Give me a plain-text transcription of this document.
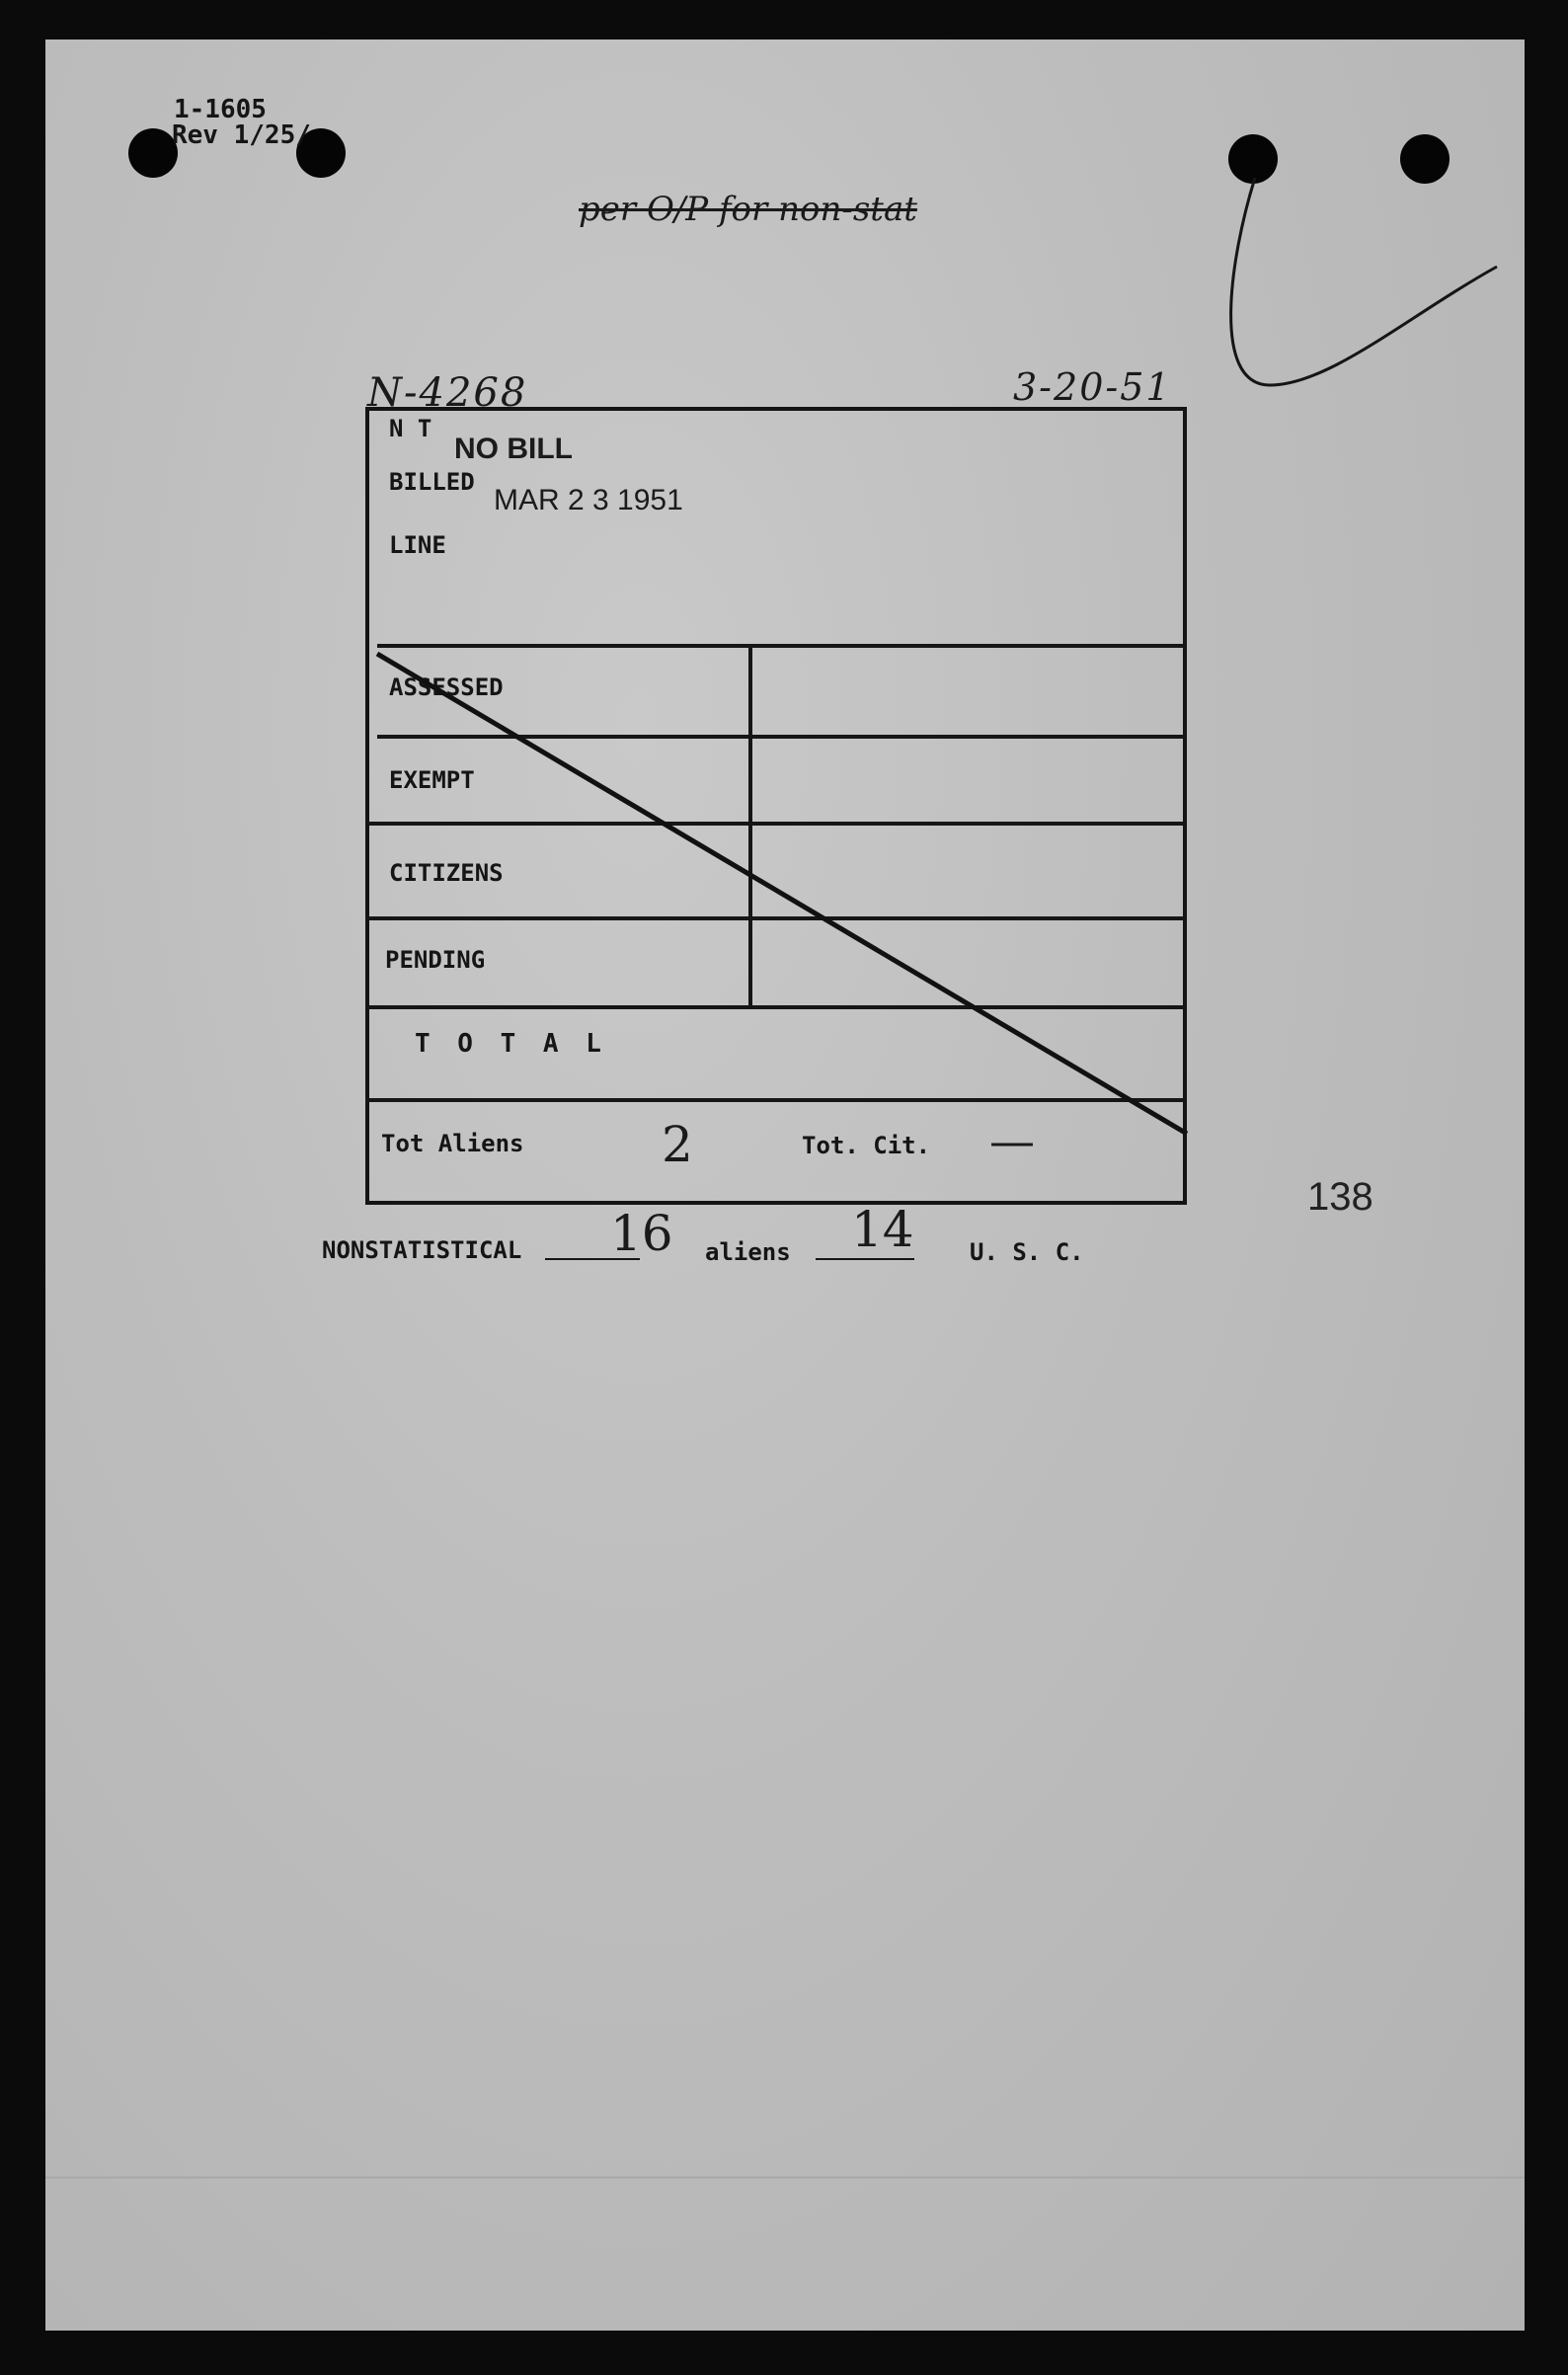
1-1605
Rev 1/25/
per O/P for non-stat
N-4268	3-20-51
N T
NO BILL
BILLED
MAR 2 3 1951
LINE
ASSESSED
EXEMPT
CITIZENS
PENDING
T O T A L
Tot Aliens	2	Tot. Cit. —
138
NONSTATISTICAL 16 aliens 14 U. S. C.
